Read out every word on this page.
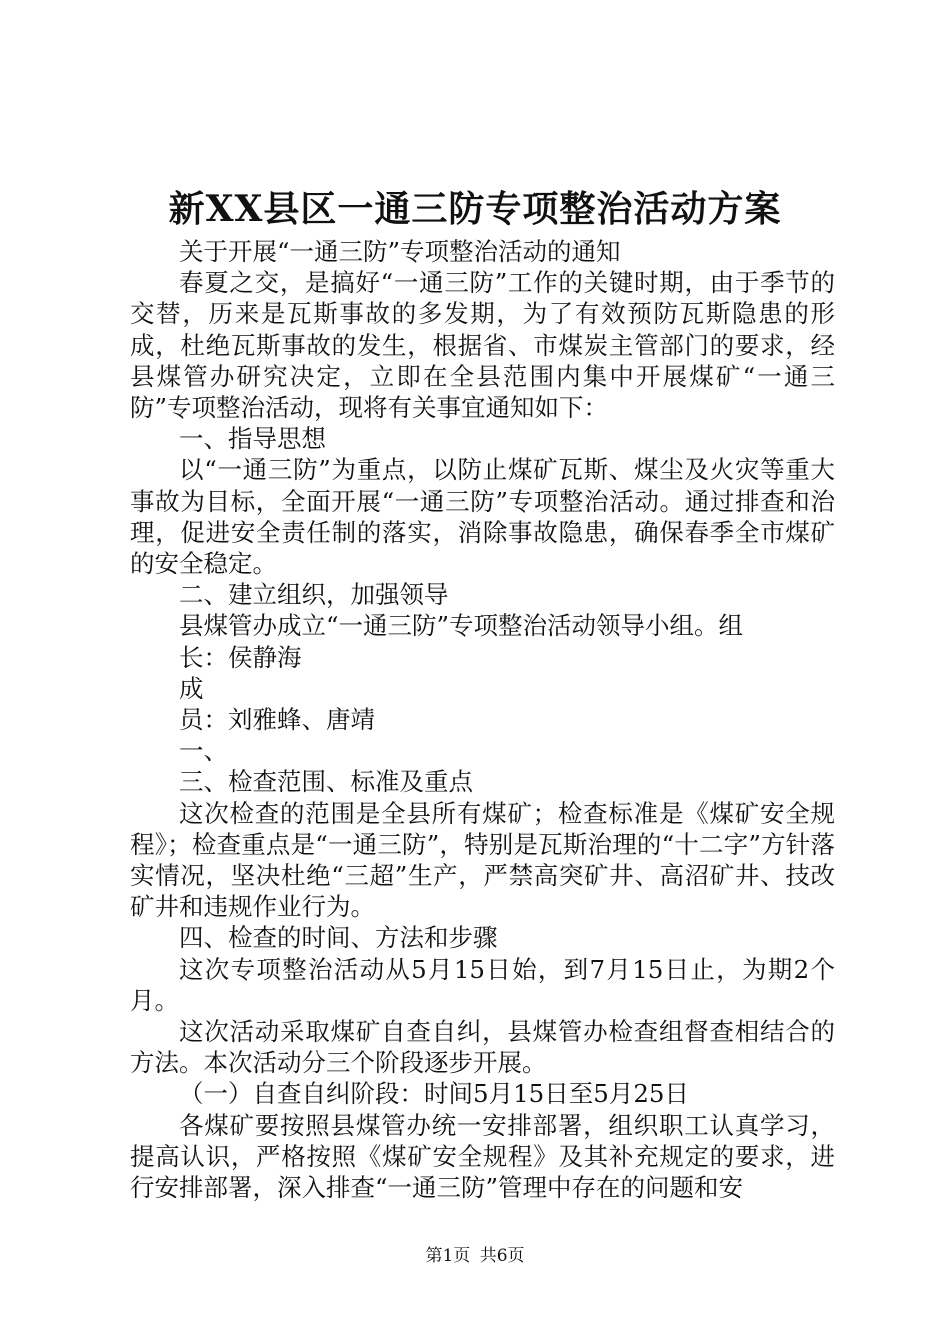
新XX县区一通三防专项整治活动方案

关于开展“一通三防”专项整治活动的通知

春夏之交，是搞好“一通三防”工作的关键时期，由于季节的交替，历来是瓦斯事故的多发期，为了有效预防瓦斯隐患的形成，杜绝瓦斯事故的发生，根据省、市煤炭主管部门的要求，经县煤管办研究决定，立即在全县范围内集中开展煤矿“一通三防”专项整治活动，现将有关事宜通知如下：

一、指导思想

以“一通三防”为重点，以防止煤矿瓦斯、煤尘及火灾等重大事故为目标，全面开展“一通三防”专项整治活动。通过排查和治理，促进安全责任制的落实，消除事故隐患，确保春季全市煤矿的安全稳定。

二、建立组织，加强领导

县煤管办成立“一通三防”专项整治活动领导小组。组

长：侯静海

成

员：刘雅蜂、唐靖

一、

三、检查范围、标准及重点

这次检查的范围是全县所有煤矿；检查标准是《煤矿安全规程》；检查重点是“一通三防”，特别是瓦斯治理的“十二字”方针落实情况，坚决杜绝“三超”生产，严禁高突矿井、高沼矿井、技改矿井和违规作业行为。

四、检查的时间、方法和步骤

这次专项整治活动从5月15日始，到7月15日止，为期2个月。

这次活动采取煤矿自查自纠，县煤管办检查组督查相结合的方法。本次活动分三个阶段逐步开展。

（一）自查自纠阶段：时间5月15日至5月25日

各煤矿要按照县煤管办统一安排部署，组织职工认真学习，提高认识，严格按照《煤矿安全规程》及其补充规定的要求，进行安排部署，深入排查“一通三防”管理中存在的问题和安

第1页 共6页
